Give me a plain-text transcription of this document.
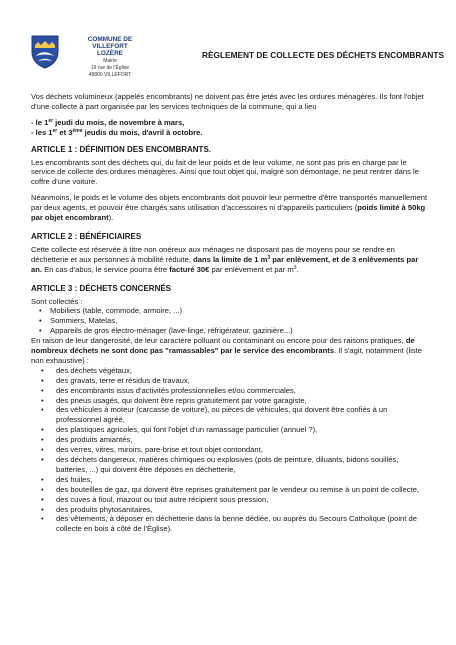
COMMUNE DE VILLEFORT
LOZÈRE
Mairie
19 rue de l'Église
48800 VILLEFORT
RÈGLEMENT DE COLLECTE DES DÉCHETS ENCOMBRANTS

Vos déchets volumineux (appelés encombrants) ne doivent pas être jetés avec les ordures ménagères. Ils font l'objet d'une collecte à part organisée par les services techniques de la commune, qui a lieu

- le 1er jeudi du mois, de novembre à mars,
- les 1er et 3ème jeudis du mois, d'avril à octobre.
ARTICLE 1 : DÉFINITION DES ENCOMBRANTS.

Les encombrants sont des déchets qui, du fait de leur poids et de leur volume, ne sont pas pris en charge par le service de collecte des ordures ménagères. Ainsi que tout objet qui, malgré son démontage, ne peut rentrer dans le coffre d'une voiture.

Néanmoins, le poids et le volume des objets encombrants doit pouvoir leur permettre d'être transportés manuellement par deux agents, et pouvoir être chargés sans utilisation d'accessoires ni d'appareils particuliers (poids limité à 50kg par objet encombrant).

ARTICLE 2 : BÉNÉFICIAIRES

Cette collecte est réservée à titre non onéreux aux ménages ne disposant pas de moyens pour se rendre en déchetterie et aux personnes à mobilité réduite, dans la limite de 1 $m^3$ par enlèvement, et de 3 enlèvements par an. En cas d'abus, le service pourra être facturé 30€ par enlèvement et par $m^3$.

ARTICLE 3 : DÉCHETS CONCERNÉS

Sont collectés :

• Mobiliers (table, commode, armoire, ...)
• Sommiers, Matelas,
• Appareils de gros électro-ménager (lave-linge, réfrigérateur, gazinière...)

En raison de leur dangerosité, de leur caractère polluant ou contaminant ou encore pour des raisons pratiques, de nombreux déchets ne sont donc pas "ramassables" par le service des encombrants. Il s'agit, notamment (liste non exhaustive) :

• des déchets végétaux,
• des gravats, terre et résidus de travaux,
• des encombrants issus d'activités professionnelles et/ou commerciales,
• des pneus usagés, qui doivent être repris gratuitement par votre garagiste,
• des véhicules à moteur (carcasse de voiture), ou pièces de véhicules, qui doivent être confiés à un professionnel agréé,
• des plastiques agricoles, qui font l'objet d'un ramassage particulier (annuel ?),
• des produits amiantés,
• des verres, vitres, miroirs, pare-brise et tout objet contondant,
• des déchets dangereux, matières chimiques ou explosives (pots de peinture, diluants, bidons souillés, batteries, ...) qui doivent être déposés en déchetterie,
• des huiles,
• des bouteilles de gaz, qui doivent être reprises gratuitement par le vendeur ou remise à un point de collecte,
• des cuves à fioul, mazout ou tout autre récipient sous pression,
• des produits phytosanitaires,
• des vêtements, à déposer en déchetterie dans la benne dédiée, ou auprès du Secours Catholique (point de collecte en bois à côté de l'Église).
